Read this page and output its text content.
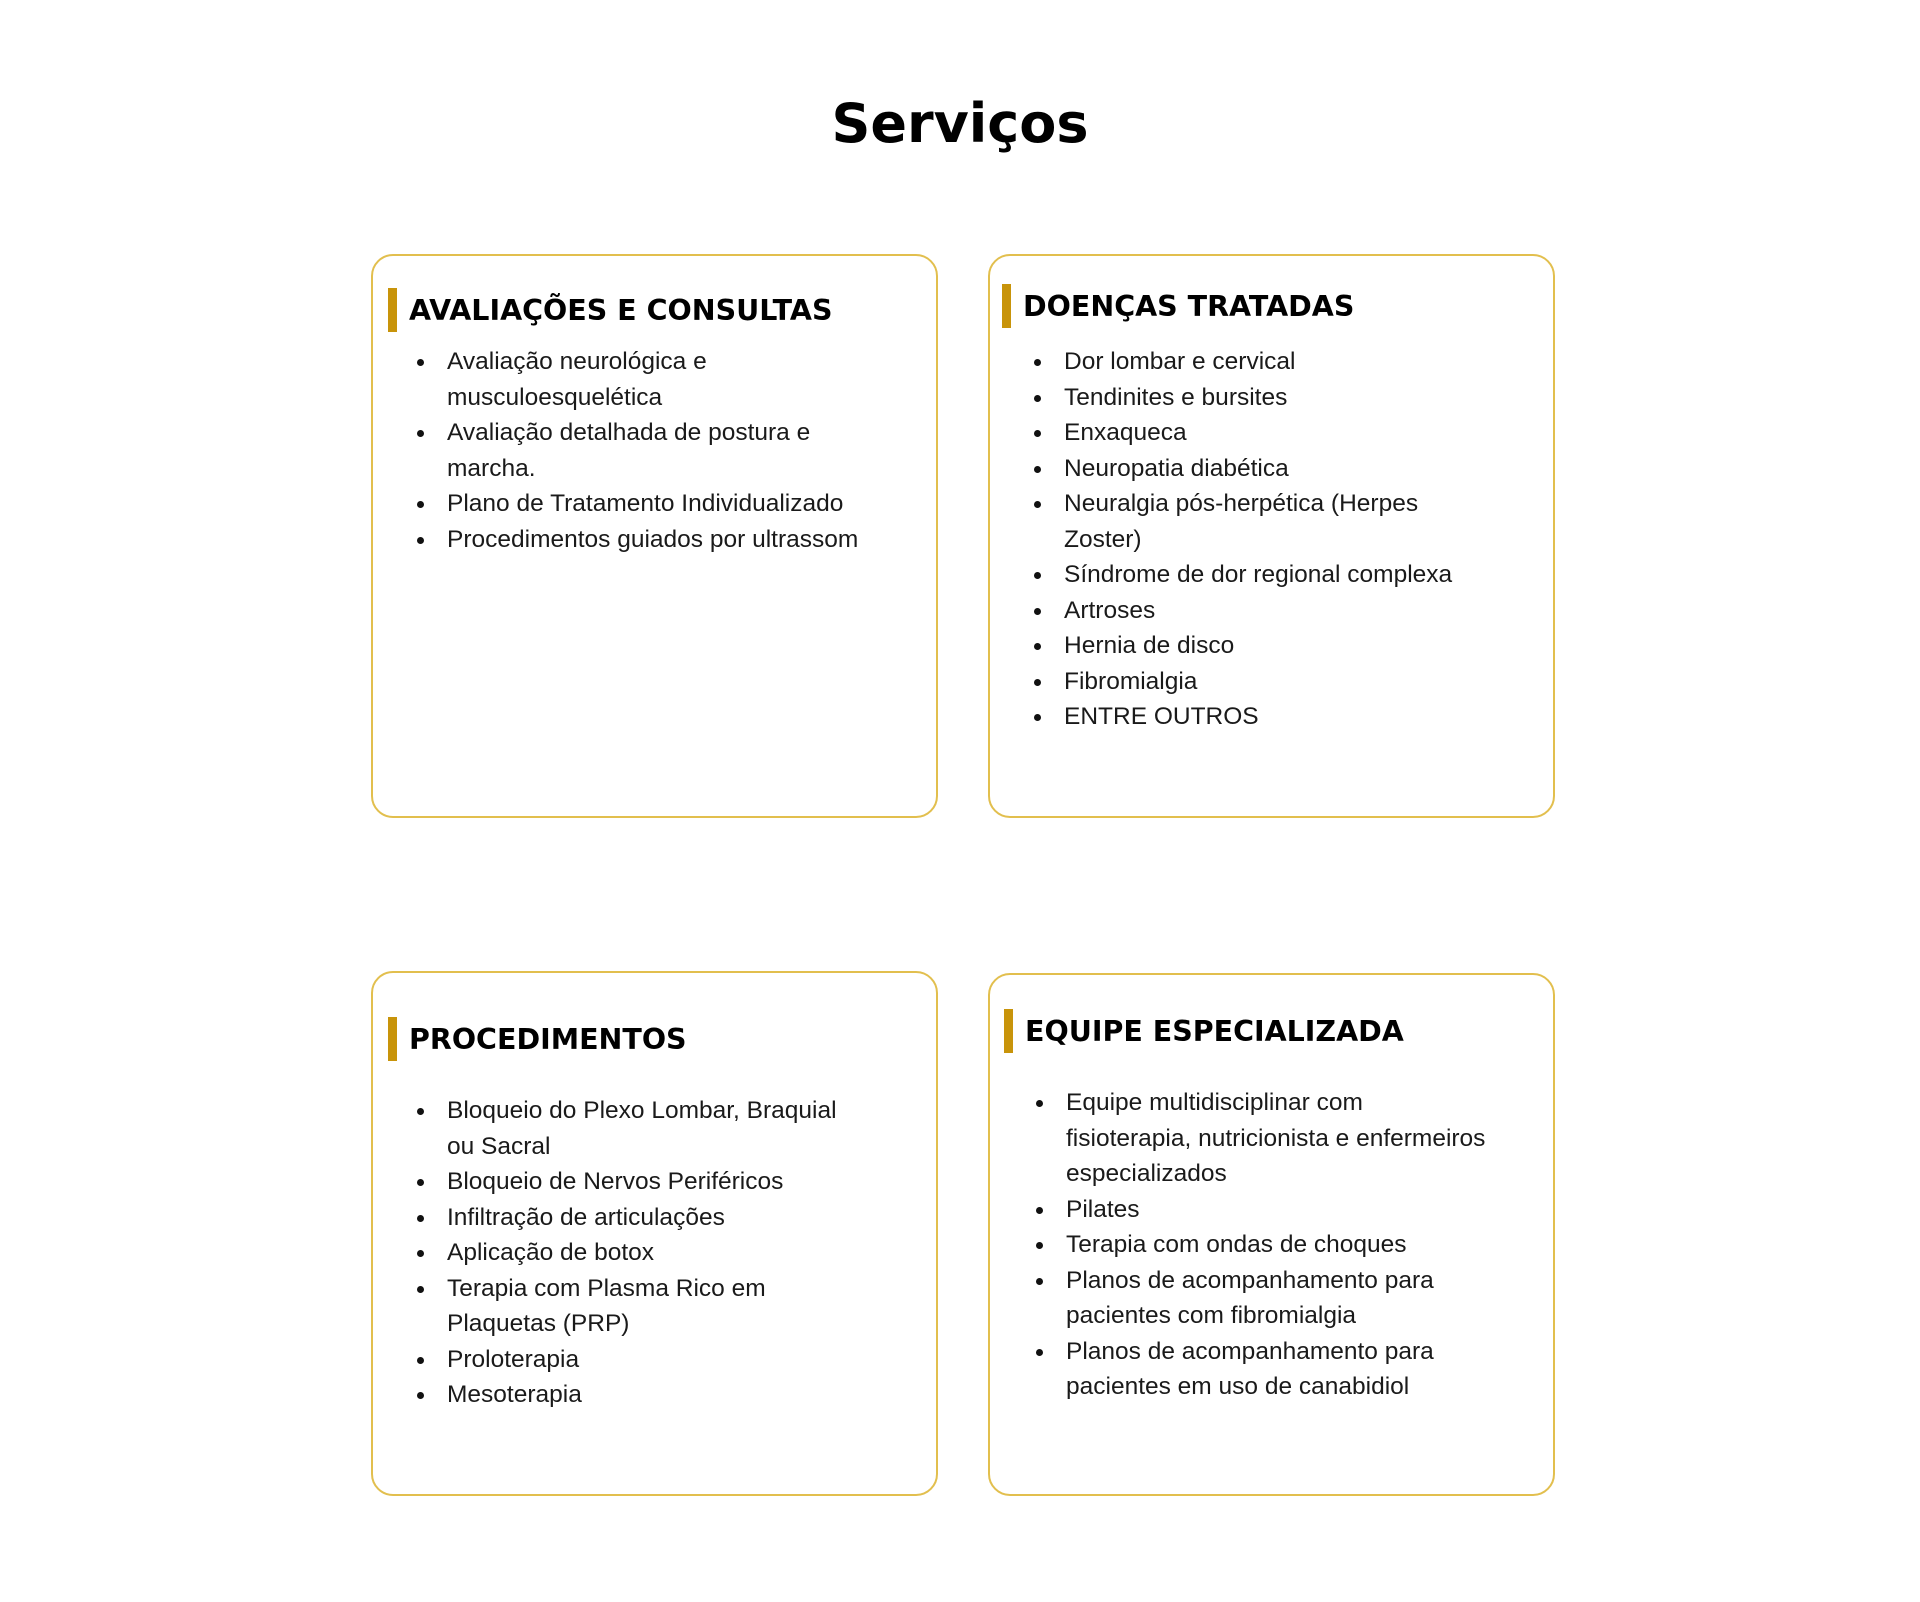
Serviços
AVALIAÇÕES E CONSULTAS
Avaliação neurológica e musculoesquelética
Avaliação detalhada de postura e marcha.
Plano de Tratamento Individualizado
Procedimentos guiados por ultrassom
DOENÇAS TRATADAS
Dor lombar e cervical
Tendinites e bursites
Enxaqueca
Neuropatia diabética
Neuralgia pós-herpética (Herpes Zoster)
Síndrome de dor regional complexa
Artroses
Hernia de disco
Fibromialgia
ENTRE OUTROS
PROCEDIMENTOS
Bloqueio do Plexo Lombar, Braquial ou Sacral
Bloqueio de Nervos Periféricos
Infiltração de articulações
Aplicação de botox
Terapia com Plasma Rico em Plaquetas (PRP)
Proloterapia
Mesoterapia
EQUIPE ESPECIALIZADA
Equipe multidisciplinar com fisioterapia, nutricionista e enfermeiros especializados
Pilates
Terapia com ondas de choques
Planos de acompanhamento para pacientes com fibromialgia
Planos de acompanhamento para pacientes em uso de canabidiol
